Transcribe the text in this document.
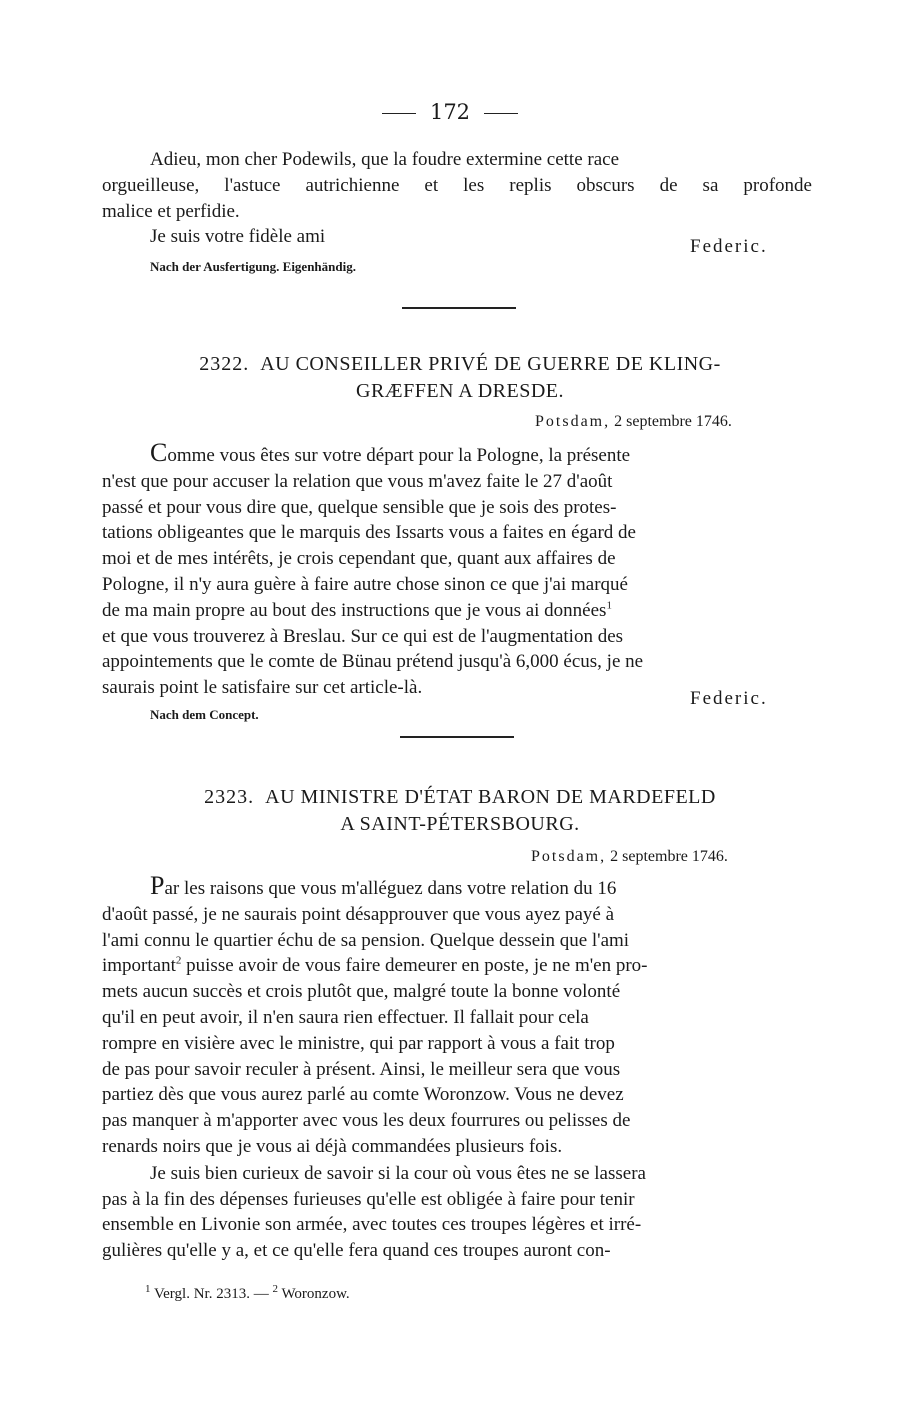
172
Adieu, mon cher Podewils, que la foudre extermine cette race
orgueilleuse, l'astuce autrichienne et les replis obscurs de sa profonde
malice et perfidie.
Je suis votre fidèle ami	Federic.
Nach der Ausfertigung. Eigenhändig.
2322. AU CONSEILLER PRIVÉ DE GUERRE DE KLING-
GRÆFFEN A DRESDE.
Potsdam, 2 septembre 1746.
Comme vous êtes sur votre départ pour la Pologne, la présente
n'est que pour accuser la relation que vous m'avez faite le 27 d'août
passé et pour vous dire que, quelque sensible que je sois des protes-
tations obligeantes que le marquis des Issarts vous a faites en égard de
moi et de mes intérêts, je crois cependant que, quant aux affaires de
Pologne, il n'y aura guère à faire autre chose sinon ce que j'ai marqué
de ma main propre au bout des instructions que je vous ai données$^1$
et que vous trouverez à Breslau. Sur ce qui est de l'augmentation des
appointements que le comte de Bünau prétend jusqu'à 6,000 écus, je ne
saurais point le satisfaire sur cet article-là.
Federic.
Nach dem Concept.
2323. AU MINISTRE D'ÉTAT BARON DE MARDEFELD
A SAINT-PÉTERSBOURG.
Potsdam, 2 septembre 1746.
Par les raisons que vous m'alléguez dans votre relation du 16
d'août passé, je ne saurais point désapprouver que vous ayez payé à
l'ami connu le quartier échu de sa pension. Quelque dessein que l'ami
important$^2$ puisse avoir de vous faire demeurer en poste, je ne m'en pro-
mets aucun succès et crois plutôt que, malgré toute la bonne volonté
qu'il en peut avoir, il n'en saura rien effectuer. Il fallait pour cela
rompre en visière avec le ministre, qui par rapport à vous a fait trop
de pas pour savoir reculer à présent. Ainsi, le meilleur sera que vous
partiez dès que vous aurez parlé au comte Woronzow. Vous ne devez
pas manquer à m'apporter avec vous les deux fourrures ou pelisses de
renards noirs que je vous ai déjà commandées plusieurs fois.
Je suis bien curieux de savoir si la cour où vous êtes ne se lassera
pas à la fin des dépenses furieuses qu'elle est obligée à faire pour tenir
ensemble en Livonie son armée, avec toutes ces troupes légères et irré-
gulières qu'elle y a, et ce qu'elle fera quand ces troupes auront con-
$^1$ Vergl. Nr. 2313. — $^2$ Woronzow.
